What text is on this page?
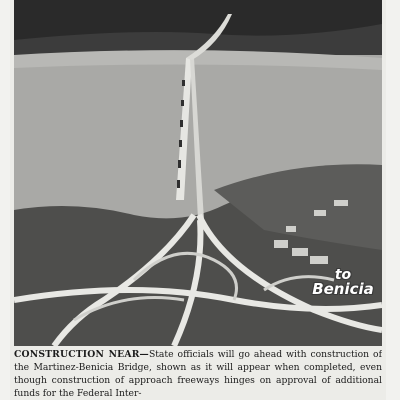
to
Benicia
CONSTRUCTION NEAR—State officials will go ahead with construction of the Martinez-Benicia Bridge, shown as it will appear when completed, even though construction of approach freeways hinges on approval of additional funds for the Federal Inter-
